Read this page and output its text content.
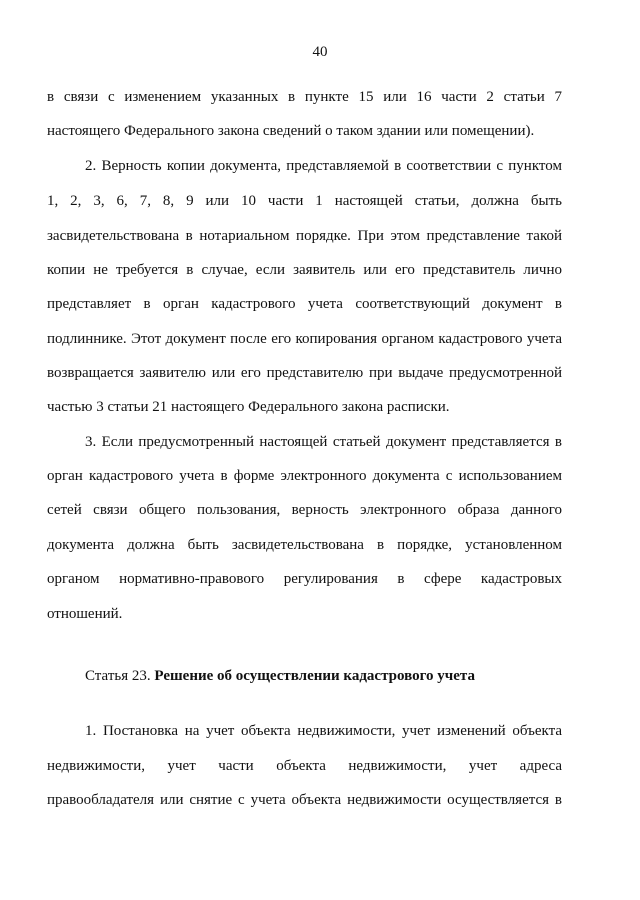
40
в связи с изменением указанных в пункте 15 или 16 части 2 статьи 7
настоящего Федерального закона сведений о таком здании или помещении).
2. Верность копии документа, представляемой в соответствии с пунктом
1, 2, 3, 6, 7, 8, 9 или 10 части 1 настоящей статьи, должна быть
засвидетельствована в нотариальном порядке. При этом представление такой
копии не требуется в случае, если заявитель или его представитель лично
представляет в орган кадастрового учета соответствующий документ в
подлиннике. Этот документ после его копирования органом кадастрового учета
возвращается заявителю или его представителю при выдаче предусмотренной
частью 3 статьи 21 настоящего Федерального закона расписки.
3. Если предусмотренный настоящей статьей документ представляется в
орган кадастрового учета в форме электронного документа с использованием
сетей связи общего пользования, верность электронного образа данного
документа должна быть засвидетельствована в порядке, установленном
органом нормативно-правового регулирования в сфере кадастровых
отношений.
Статья 23. Решение об осуществлении кадастрового учета
1. Постановка на учет объекта недвижимости, учет изменений объекта
недвижимости, учет части объекта недвижимости, учет адреса
правообладателя или снятие с учета объекта недвижимости осуществляется в
